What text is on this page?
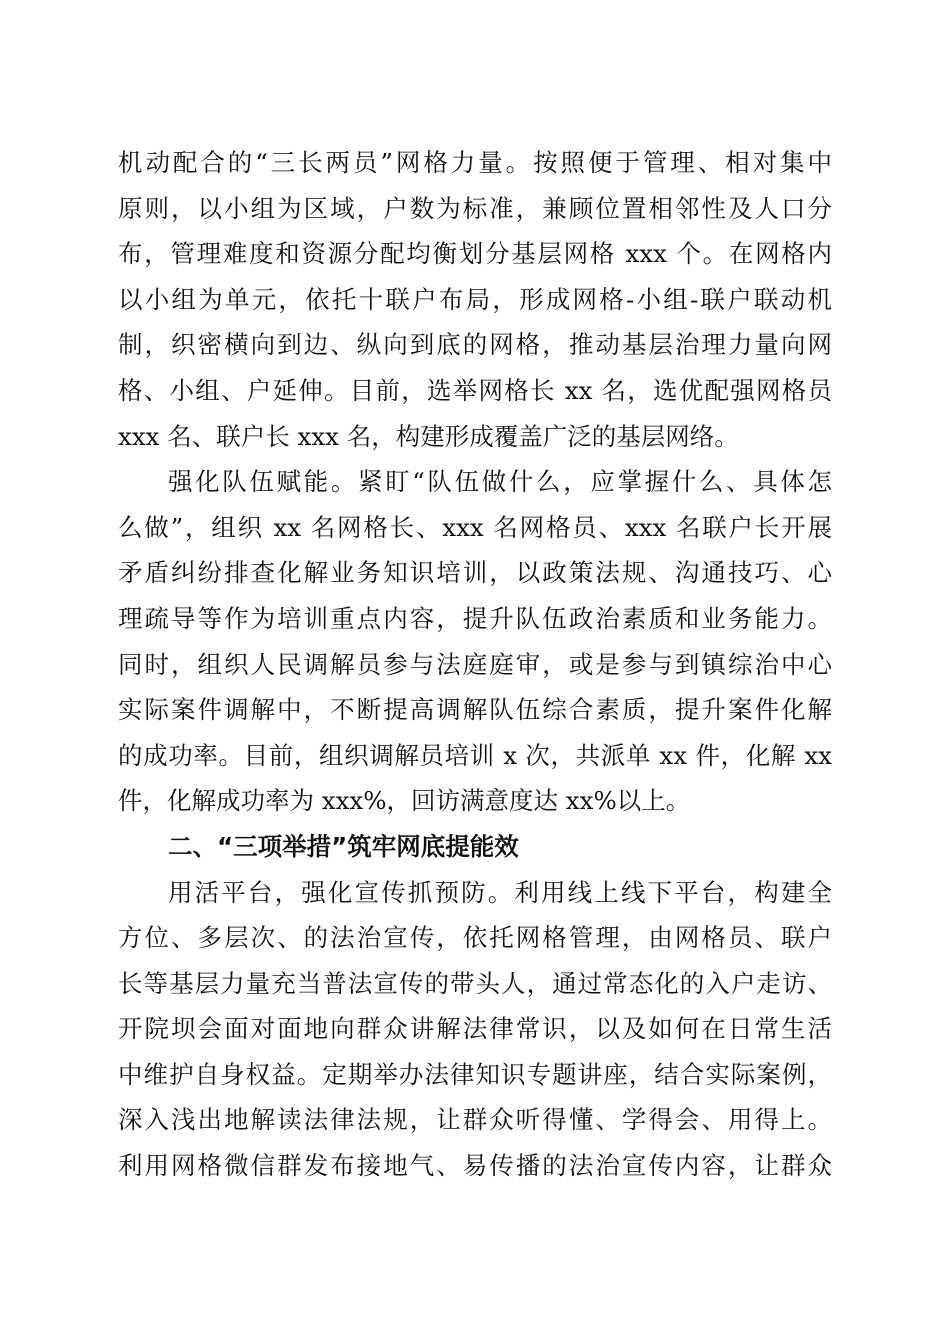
机动配合的“三长两员”网格力量。按照便于管理、相对集中
原则，以小组为区域，户数为标准，兼顾位置相邻性及人口分
布，管理难度和资源分配均衡划分基层网格 xxx 个。在网格内
以小组为单元，依托十联户布局，形成网格-小组-联户联动机
制，织密横向到边、纵向到底的网格，推动基层治理力量向网
格、小组、户延伸。目前，选举网格长 xx 名，选优配强网格员
xxx 名、联户长 xxx 名，构建形成覆盖广泛的基层网络。
强化队伍赋能。紧盯“队伍做什么，应掌握什么、具体怎
么做”，组织 xx 名网格长、xxx 名网格员、xxx 名联户长开展
矛盾纠纷排查化解业务知识培训，以政策法规、沟通技巧、心
理疏导等作为培训重点内容，提升队伍政治素质和业务能力。
同时，组织人民调解员参与法庭庭审，或是参与到镇综治中心
实际案件调解中，不断提高调解队伍综合素质，提升案件化解
的成功率。目前，组织调解员培训 x 次，共派单 xx 件，化解 xx
件，化解成功率为 xxx%，回访满意度达 xx%以上。
二、“三项举措”筑牢网底提能效
用活平台，强化宣传抓预防。利用线上线下平台，构建全
方位、多层次、的法治宣传，依托网格管理，由网格员、联户
长等基层力量充当普法宣传的带头人，通过常态化的入户走访、
开院坝会面对面地向群众讲解法律常识，以及如何在日常生活
中维护自身权益。定期举办法律知识专题讲座，结合实际案例，
深入浅出地解读法律法规，让群众听得懂、学得会、用得上。
利用网格微信群发布接地气、易传播的法治宣传内容，让群众
